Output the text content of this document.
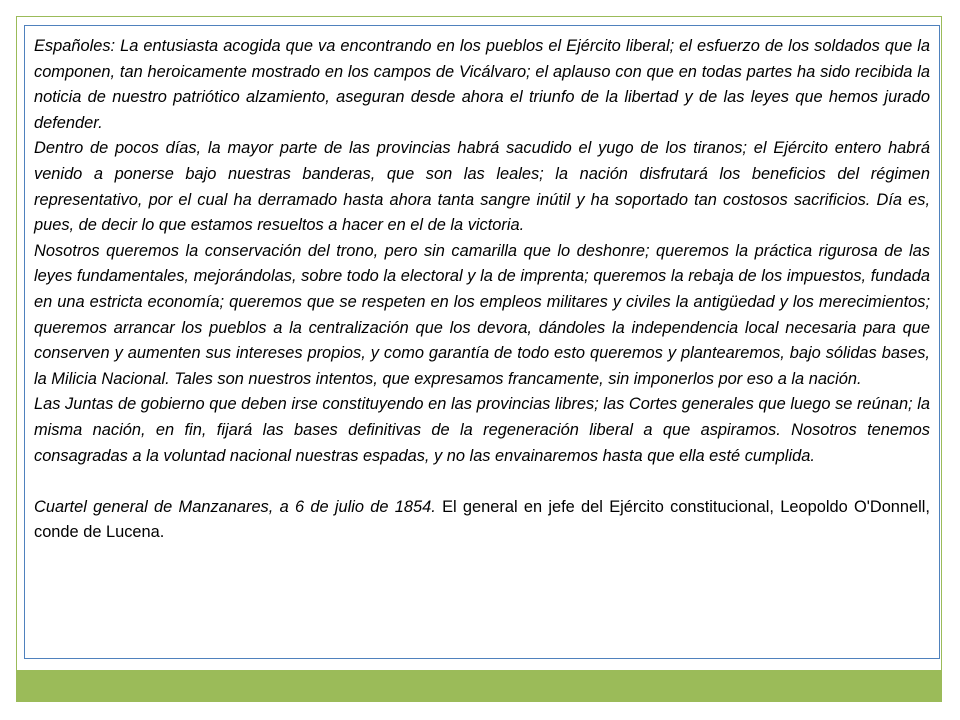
Españoles: La entusiasta acogida que va encontrando en los pueblos el Ejército liberal; el esfuerzo de los soldados que la componen, tan heroicamente mostrado en los campos de Vicálvaro; el aplauso con que en todas partes ha sido recibida la noticia de nuestro patriótico alzamiento, aseguran desde ahora el triunfo de la libertad y de las leyes que hemos jurado defender.

Dentro de pocos días, la mayor parte de las provincias habrá sacudido el yugo de los tiranos; el Ejército entero habrá venido a ponerse bajo nuestras banderas, que son las leales; la nación disfrutará los beneficios del régimen representativo, por el cual ha derramado hasta ahora tanta sangre inútil y ha soportado tan costosos sacrificios. Día es, pues, de decir lo que estamos resueltos a hacer en el de la victoria.

Nosotros queremos la conservación del trono, pero sin camarilla que lo deshonre; queremos la práctica rigurosa de las leyes fundamentales, mejorándolas, sobre todo la electoral y la de imprenta; queremos la rebaja de los impuestos, fundada en una estricta economía; queremos que se respeten en los empleos militares y civiles la antigüedad y los merecimientos; queremos arrancar los pueblos a la centralización que los devora, dándoles la independencia local necesaria para que conserven y aumenten sus intereses propios, y como garantía de todo esto queremos y plantearemos, bajo sólidas bases, la Milicia Nacional. Tales son nuestros intentos, que expresamos francamente, sin imponerlos por eso a la nación.

Las Juntas de gobierno que deben irse constituyendo en las provincias libres; las Cortes generales que luego se reúnan; la misma nación, en fin, fijará las bases definitivas de la regeneración liberal a que aspiramos. Nosotros tenemos consagradas a la voluntad nacional nuestras espadas, y no las envainaremos hasta que ella esté cumplida.

Cuartel general de Manzanares, a 6 de julio de 1854. El general en jefe del Ejército constitucional, Leopoldo O'Donnell, conde de Lucena.
